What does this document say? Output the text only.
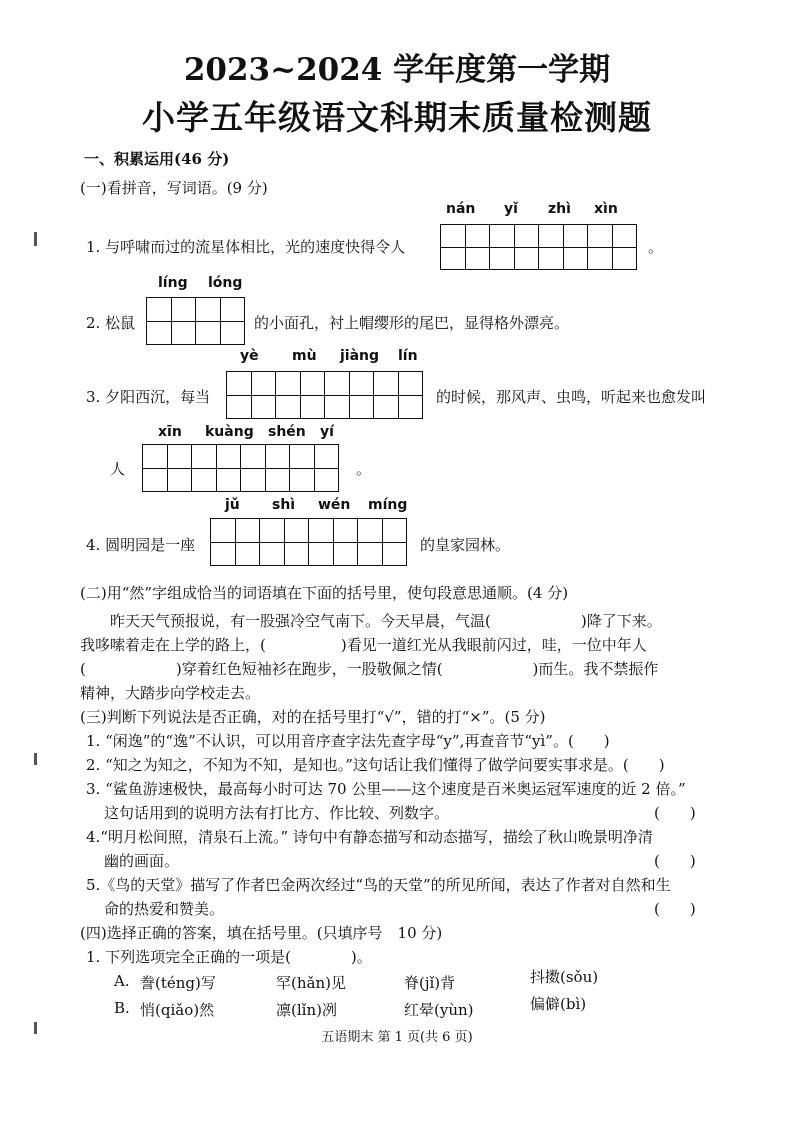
2023~2024 学年度第一学期
小学五年级语文科期末质量检测题
一、积累运用(46 分)
(一)看拼音，写词语。(9 分)
nán yǐ zhì xìn
1. 与呼啸而过的流星体相比，光的速度快得令人	。
líng lóng
2. 松鼠	的小面孔，衬上帽缨形的尾巴，显得格外漂亮。
yè mù jiàng lín
3. 夕阳西沉，每当	的时候，那风声、虫鸣，听起来也愈发叫
xīn kuàng shén yí
人	。
jǔ shì wén míng
4. 圆明园是一座	的皇家园林。
(二)用“然”字组成恰当的词语填在下面的括号里，使句段意思通顺。(4 分)
昨天天气预报说，有一股强冷空气南下。今天早晨，气温(　　　　　　)降了下来。
我哆嗦着走在上学的路上，(　　　　　)看见一道红光从我眼前闪过，哇，一位中年人
(　　　　　　)穿着红色短袖衫在跑步，一股敬佩之情(　　　　　　)而生。我不禁振作
精神，大踏步向学校走去。
(三)判断下列说法是否正确，对的在括号里打“√”，错的打“×”。(5 分)
1. “闲逸”的“逸”不认识，可以用音序查字法先查字母“y”,再查音节“yì”。(　　)
2. “知之为知之，不知为不知，是知也。”这句话让我们懂得了做学问要实事求是。(　　)
3. “鲨鱼游速极快，最高每小时可达 70 公里——这个速度是百米奥运冠军速度的近 2 倍。”
这句话用到的说明方法有打比方、作比较、列数字。	(　　)
4.“明月松间照，清泉石上流。” 诗句中有静态描写和动态描写，描绘了秋山晚景明净清
幽的画面。	(　　)
5.《鸟的天堂》描写了作者巴金两次经过“鸟的天堂”的所见所闻，表达了作者对自然和生
命的热爱和赞美。	(　　)
(四)选择正确的答案，填在括号里。(只填序号　10 分)
1. 下列选项完全正确的一项是(　　　　)。
A. 誊(téng)写	罕(hǎn)见	脊(jǐ)背	抖擞(sǒu)
B. 悄(qiǎo)然	凛(lǐn)冽	红晕(yùn)	偏僻(bì)
五语期末 第 1 页(共 6 页)
